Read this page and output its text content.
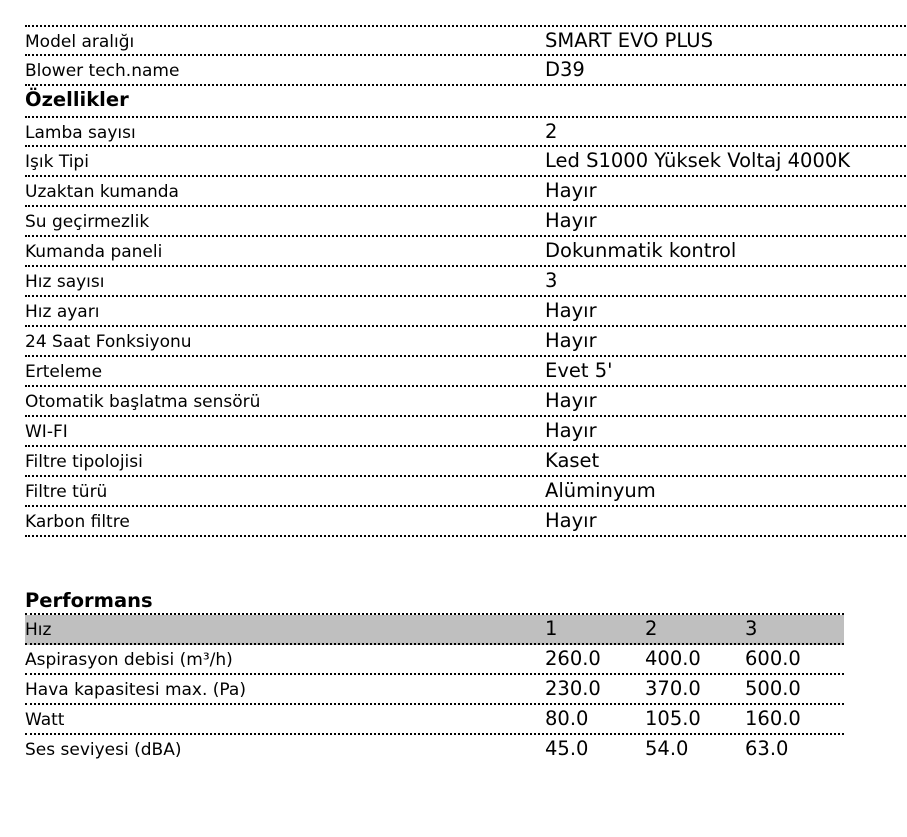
Model aralığı	SMART EVO PLUS
Blower tech.name	D39
Özellikler
Lamba sayısı	2
Işık Tipi	Led S1000 Yüksek Voltaj 4000K
Uzaktan kumanda	Hayır
Su geçirmezlik	Hayır
Kumanda paneli	Dokunmatik kontrol
Hız sayısı	3
Hız ayarı	Hayır
24 Saat Fonksiyonu	Hayır
Erteleme	Evet 5'
Otomatik başlatma sensörü	Hayır
WI-FI	Hayır
Filtre tipolojisi	Kaset
Filtre türü	Alüminyum
Karbon filtre	Hayır
Performans
Hız	1	2	3
Aspirasyon debisi (m³/h)	260.0 400.0 600.0
Hava kapasitesi max. (Pa)	230.0 370.0 500.0
Watt	80.0	105.0 160.0
Ses seviyesi (dBA)	45.0	54.0	63.0
